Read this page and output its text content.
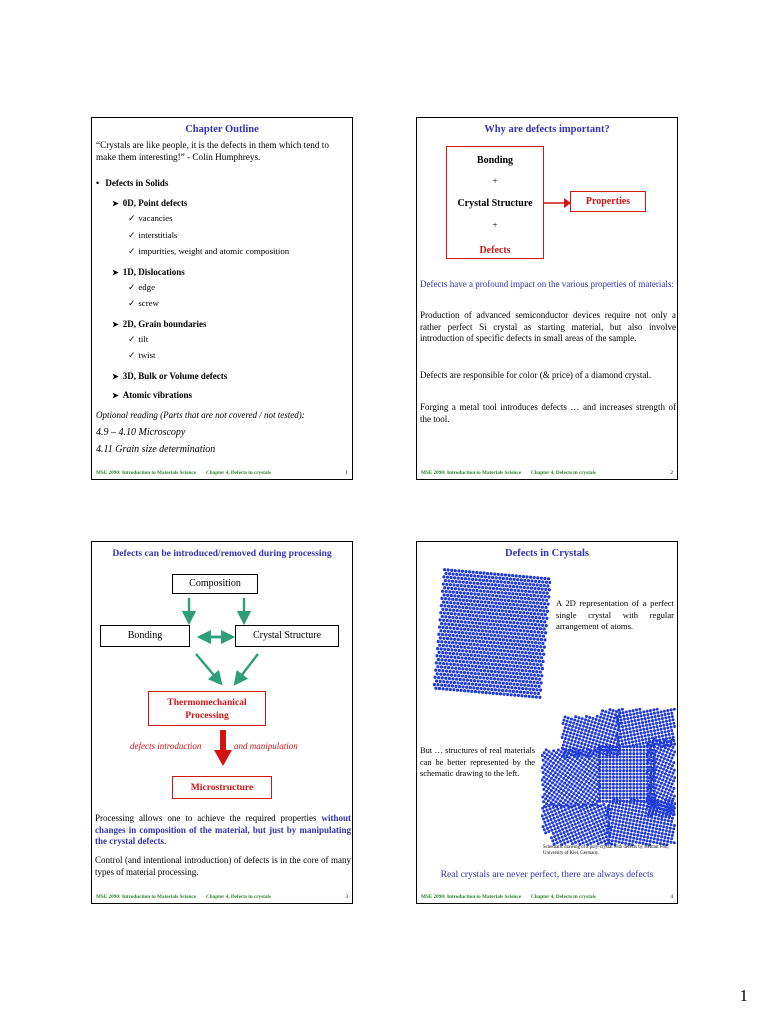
Chapter Outline
“Crystals are like people, it is the defects in them which tend to make them interesting!” - Colin Humphreys.
• Defects in Solids
➤ 0D, Point defects
✓ vacancies
✓ interstitials
✓ impurities, weight and atomic composition
➤ 1D, Dislocations
✓ edge
✓ screw
➤ 2D, Grain boundaries
✓ tilt
✓ twist
➤ 3D, Bulk or Volume defects
➤ Atomic vibrations
Optional reading (Parts that are not covered / not tested):
4.9 – 4.10 Microscopy
4.11 Grain size determination
MSE 2090: Introduction to Materials Science Chapter 4, Defects in crystals	1
Why are defects important?
Bonding
+
Crystal Structure
+
Defects
Properties
Defects have a profound impact on the various properties of materials:
Production of advanced semiconductor devices require not only a rather perfect Si crystal as starting material, but also involve introduction of specific defects in small areas of the sample.
Defects are responsible for color (& price) of a diamond crystal.
Forging a metal tool introduces defects … and increases strength of the tool.
MSE 2090: Introduction to Materials Science Chapter 4, Defects in crystals	2
Defects can be introduced/removed during processing
Composition
Bonding	Crystal Structure
Thermomechanical Processing
defects introduction	and manipulation
Microstructure
Processing allows one to achieve the required properties without changes in composition of the material, but just by manipulating the crystal defects.
Control (and intentional introduction) of defects is in the core of many types of material processing.
MSE 2090: Introduction to Materials Science Chapter 4, Defects in crystals	3
Defects in Crystals
A 2D representation of a perfect single crystal with regular arrangement of atoms.
But … structures of real materials can be better represented by the schematic drawing to the left.
Schematic drawing of a poly-crystal with defects by Helmut Föll, University of Kiel, Germany.
Real crystals are never perfect, there are always defects
MSE 2090: Introduction to Materials Science Chapter 4, Defects in crystals	4
1
